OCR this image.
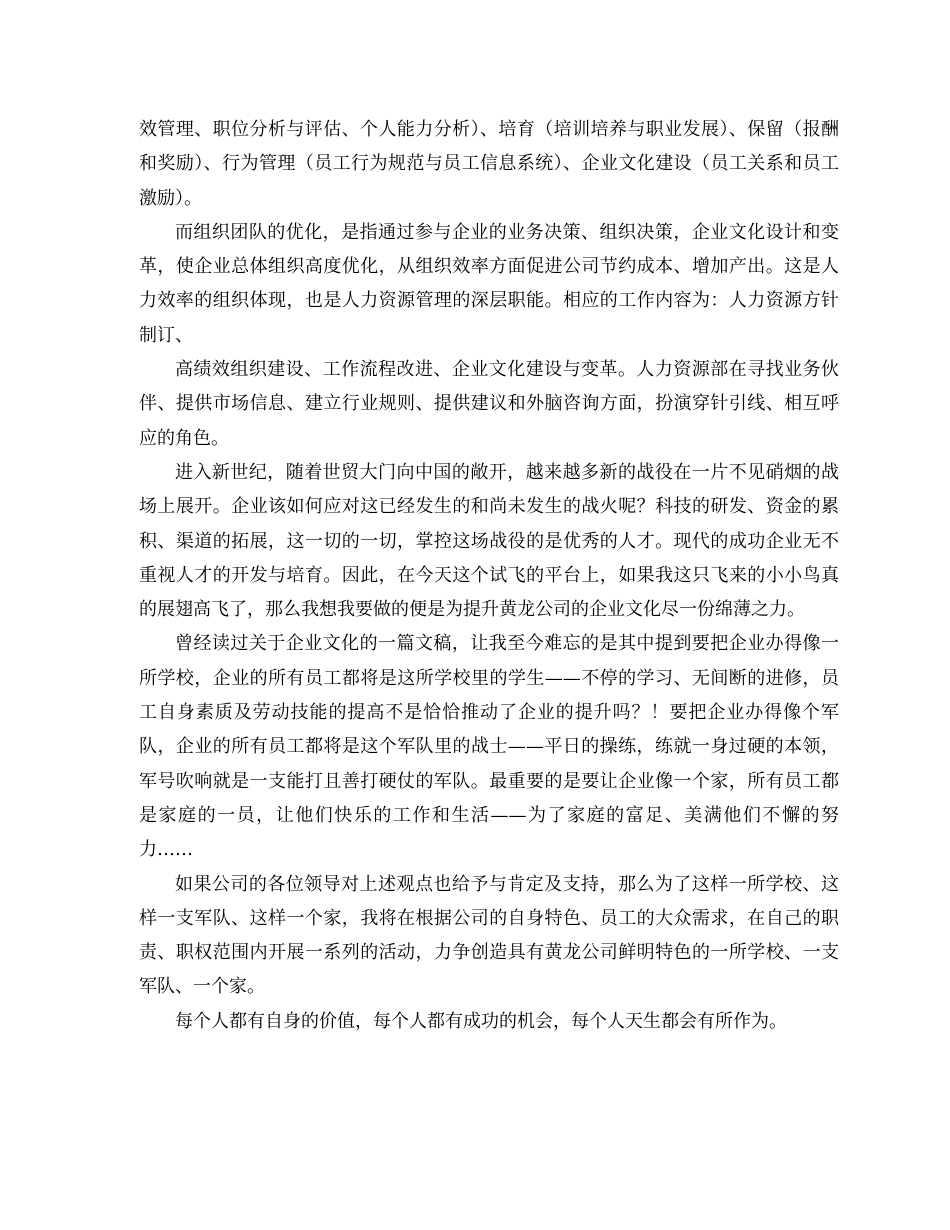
效管理、职位分析与评估、个人能力分析）、培育（培训培养与职业发展）、保留（报酬和奖励）、行为管理（员工行为规范与员工信息系统）、企业文化建设（员工关系和员工激励）。

而组织团队的优化，是指通过参与企业的业务决策、组织决策，企业文化设计和变革，使企业总体组织高度优化，从组织效率方面促进公司节约成本、增加产出。这是人力效率的组织体现，也是人力资源管理的深层职能。相应的工作内容为：人力资源方针制订、

高绩效组织建设、工作流程改进、企业文化建设与变革。人力资源部在寻找业务伙伴、提供市场信息、建立行业规则、提供建议和外脑咨询方面，扮演穿针引线、相互呼应的角色。

进入新世纪，随着世贸大门向中国的敞开，越来越多新的战役在一片不见硝烟的战场上展开。企业该如何应对这已经发生的和尚未发生的战火呢？科技的研发、资金的累积、渠道的拓展，这一切的一切，掌控这场战役的是优秀的人才。现代的成功企业无不重视人才的开发与培育。因此，在今天这个试飞的平台上，如果我这只飞来的小小鸟真的展翅高飞了，那么我想我要做的便是为提升黄龙公司的企业文化尽一份绵薄之力。

曾经读过关于企业文化的一篇文稿，让我至今难忘的是其中提到要把企业办得像一所学校，企业的所有员工都将是这所学校里的学生——不停的学习、无间断的进修，员工自身素质及劳动技能的提高不是恰恰推动了企业的提升吗？！要把企业办得像个军队，企业的所有员工都将是这个军队里的战士——平日的操练，练就一身过硬的本领，军号吹响就是一支能打且善打硬仗的军队。最重要的是要让企业像一个家，所有员工都是家庭的一员，让他们快乐的工作和生活——为了家庭的富足、美满他们不懈的努力……

如果公司的各位领导对上述观点也给予与肯定及支持，那么为了这样一所学校、这样一支军队、这样一个家，我将在根据公司的自身特色、员工的大众需求，在自己的职责、职权范围内开展一系列的活动，力争创造具有黄龙公司鲜明特色的一所学校、一支军队、一个家。

每个人都有自身的价值，每个人都有成功的机会，每个人天生都会有所作为。
